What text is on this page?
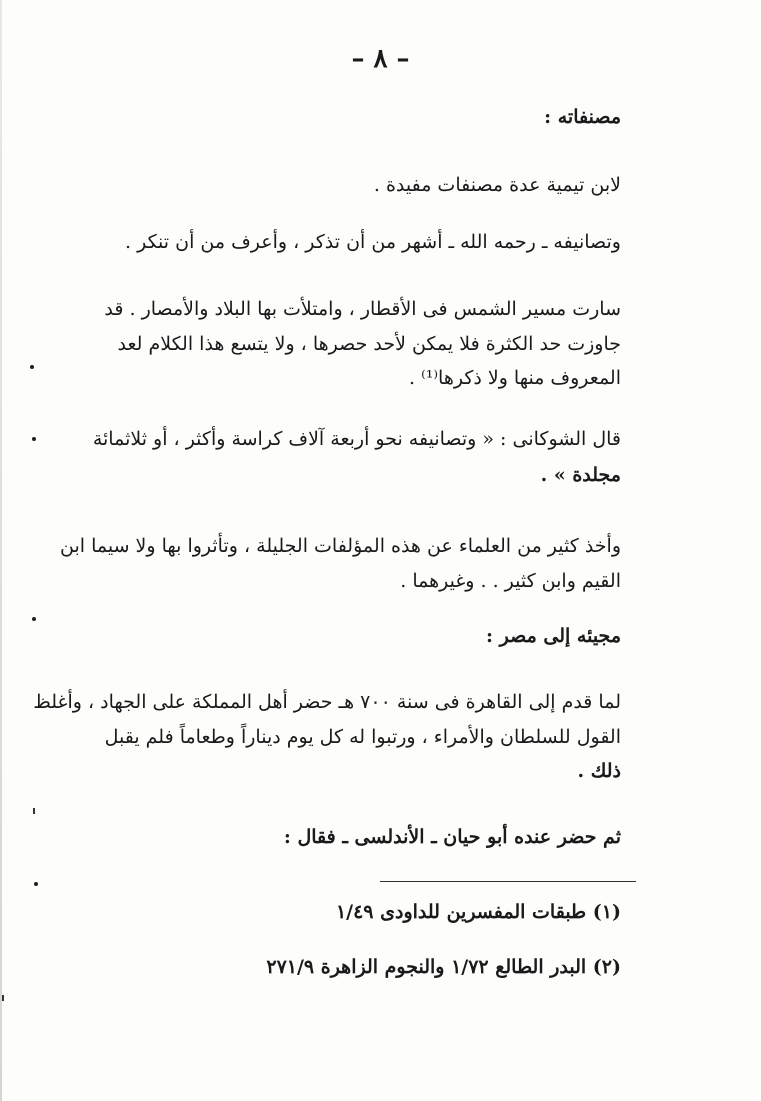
– ٨ –
مصنفاته :
لابن تيمية عدة مصنفات مفيدة .
وتصانيفه ـ رحمه الله ـ أشهر من أن تذكر ، وأعرف من أن تنكر .
سارت مسير الشمس فى الأقطار ، وامتلأت بها البلاد والأمصار . قد
جاوزت حد الكثرة فلا يمكن لأحد حصرها ، ولا يتسع هذا الكلام لعد
المعروف منها ولا ذكرها⁽¹⁾ .
قال الشوكانى : « وتصانيفه نحو أربعة آلاف كراسة وأكثر ، أو ثلاثمائة
مجلدة » .
وأخذ كثير من العلماء عن هذه المؤلفات الجليلة ، وتأثروا بها ولا سيما ابن
القيم وابن كثير . . وغيرهما .
مجيئه إلى مصر :
لما قدم إلى القاهرة فى سنة ٧٠٠ هـ حضر أهل المملكة على الجهاد ، وأغلظ
القول للسلطان والأمراء ، ورتبوا له كل يوم ديناراً وطعاماً فلم يقبل
ذلك .
ثم حضر عنده أبو حيان ـ الأندلسى ـ فقال :
(١) طبقات المفسرين للداودى ١/٤٩
(٢) البدر الطالع ١/٧٢ والنجوم الزاهرة ٢٧١/٩
